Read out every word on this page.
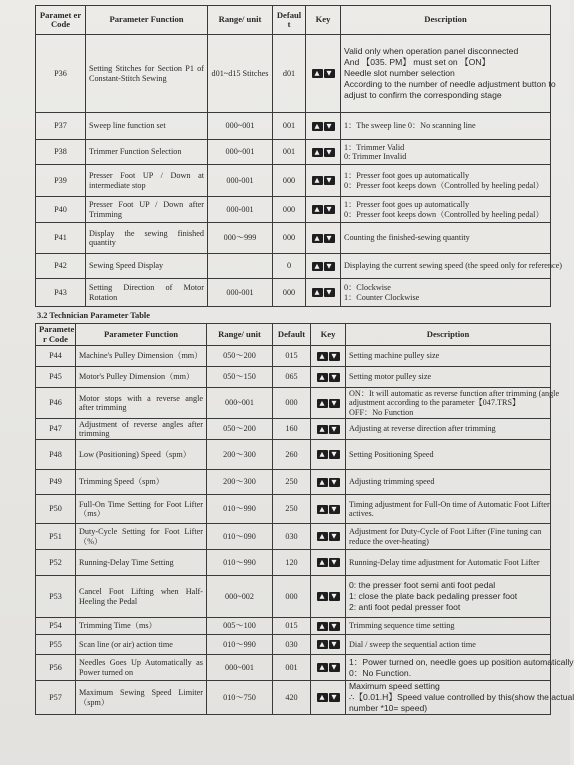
Paramet er Code	Parameter Function	Range/ unit	Defaul t	Key	Description
P36	Setting Stitches for Section P1 of Constant-Stitch Sewing	d01~d15 Stitches	d01	▲ ▼	Valid only when operation panel disconnected
And 【035. PM】 must set on 【ON】
Needle slot number selection
According to the number of needle adjustment button to
adjust to confirm the corresponding stage

P37	Sweep line function set	000~001	001	▲ ▼	1：The sweep line 0：No scanning line

P38	Trimmer Function Selection	000~001	001	▲ ▼	1：Trimmer Valid
0: Trimmer Invalid

P39	Presser Foot UP / Down at intermediate stop	000-001	000	▲ ▼	1：Presser foot goes up automatically
0：Presser foot keeps down（Controlled by heeling pedal）

P40	Presser Foot UP / Down after Trimming	000-001	000	▲ ▼	1：Presser foot goes up automatically
0：Presser foot keeps down（Controlled by heeling pedal）

P41	Display the sewing finished quantity	000～999	000	▲ ▼	Counting the finished-sewing quantity

P42	Sewing Speed Display		0	▲ ▼	Displaying the current sewing speed (the speed only for reference)

P43	Setting Direction of Motor Rotation	000-001	000	▲ ▼	0：Clockwise
1：Counter Clockwise
3.2 Technician Parameter Table
Paramete r Code	Parameter Function	Range/ unit	Default	Key	Description
P44	Machine's Pulley Dimension（mm）	050～200	015	▲ ▼	Setting machine pulley size

P45	Motor's Pulley Dimension（mm）	050～150	065	▲ ▼	Setting motor pulley size

P46	Motor stops with a reverse angle after trimming	000~001	000	▲ ▼	ON：It will automatic as reverse function after trimming (angle
adjustment according to the parameter【047.TRS】
OFF：No Function

P47	Adjustment of reverse angles after trimming	050～200	160	▲ ▼	Adjusting at reverse direction after trimming

P48	Low (Positioning) Speed（spm）	200～300	260	▲ ▼	Setting Positioning Speed

P49	Trimming Speed（spm）	200～300	250	▲ ▼	Adjusting trimming speed

P50	Full-On Time Setting for Foot Lifter（ms）	010～990	250	▲ ▼	Timing adjustment for Full-On time of Automatic Foot Lifter
actives.

P51	Duty-Cycle Setting for Foot Lifter（%）	010～090	030	▲ ▼	Adjustment for Duty-Cycle of Foot Lifter (Fine tuning can
reduce the over-heating)

P52	Running-Delay Time Setting	010～990	120	▲ ▼	Running-Delay time adjustment for Automatic Foot Lifter

P53	Cancel Foot Lifting when Half-Heeling the Pedal	000~002	000	▲ ▼	0: the presser foot semi anti foot pedal
1: close the plate back pedaling presser foot
2: anti foot pedal presser foot

P54	Trimming Time（ms）	005～100	015	▲ ▼	Trimming sequence time setting

P55	Scan line (or air) action time	010～990	030	▲ ▼	Dial / sweep the sequential action time

P56	Needles Goes Up Automatically as Power turned on	000~001	001	▲ ▼	1：Power turned on, needle goes up position automatically
0：No Function.

P57	Maximum Sewing Speed Limiter（spm）	010～750	420	▲ ▼	Maximum speed setting
∴【0.01.H】Speed value controlled by this(show the actual
number *10= speed)
